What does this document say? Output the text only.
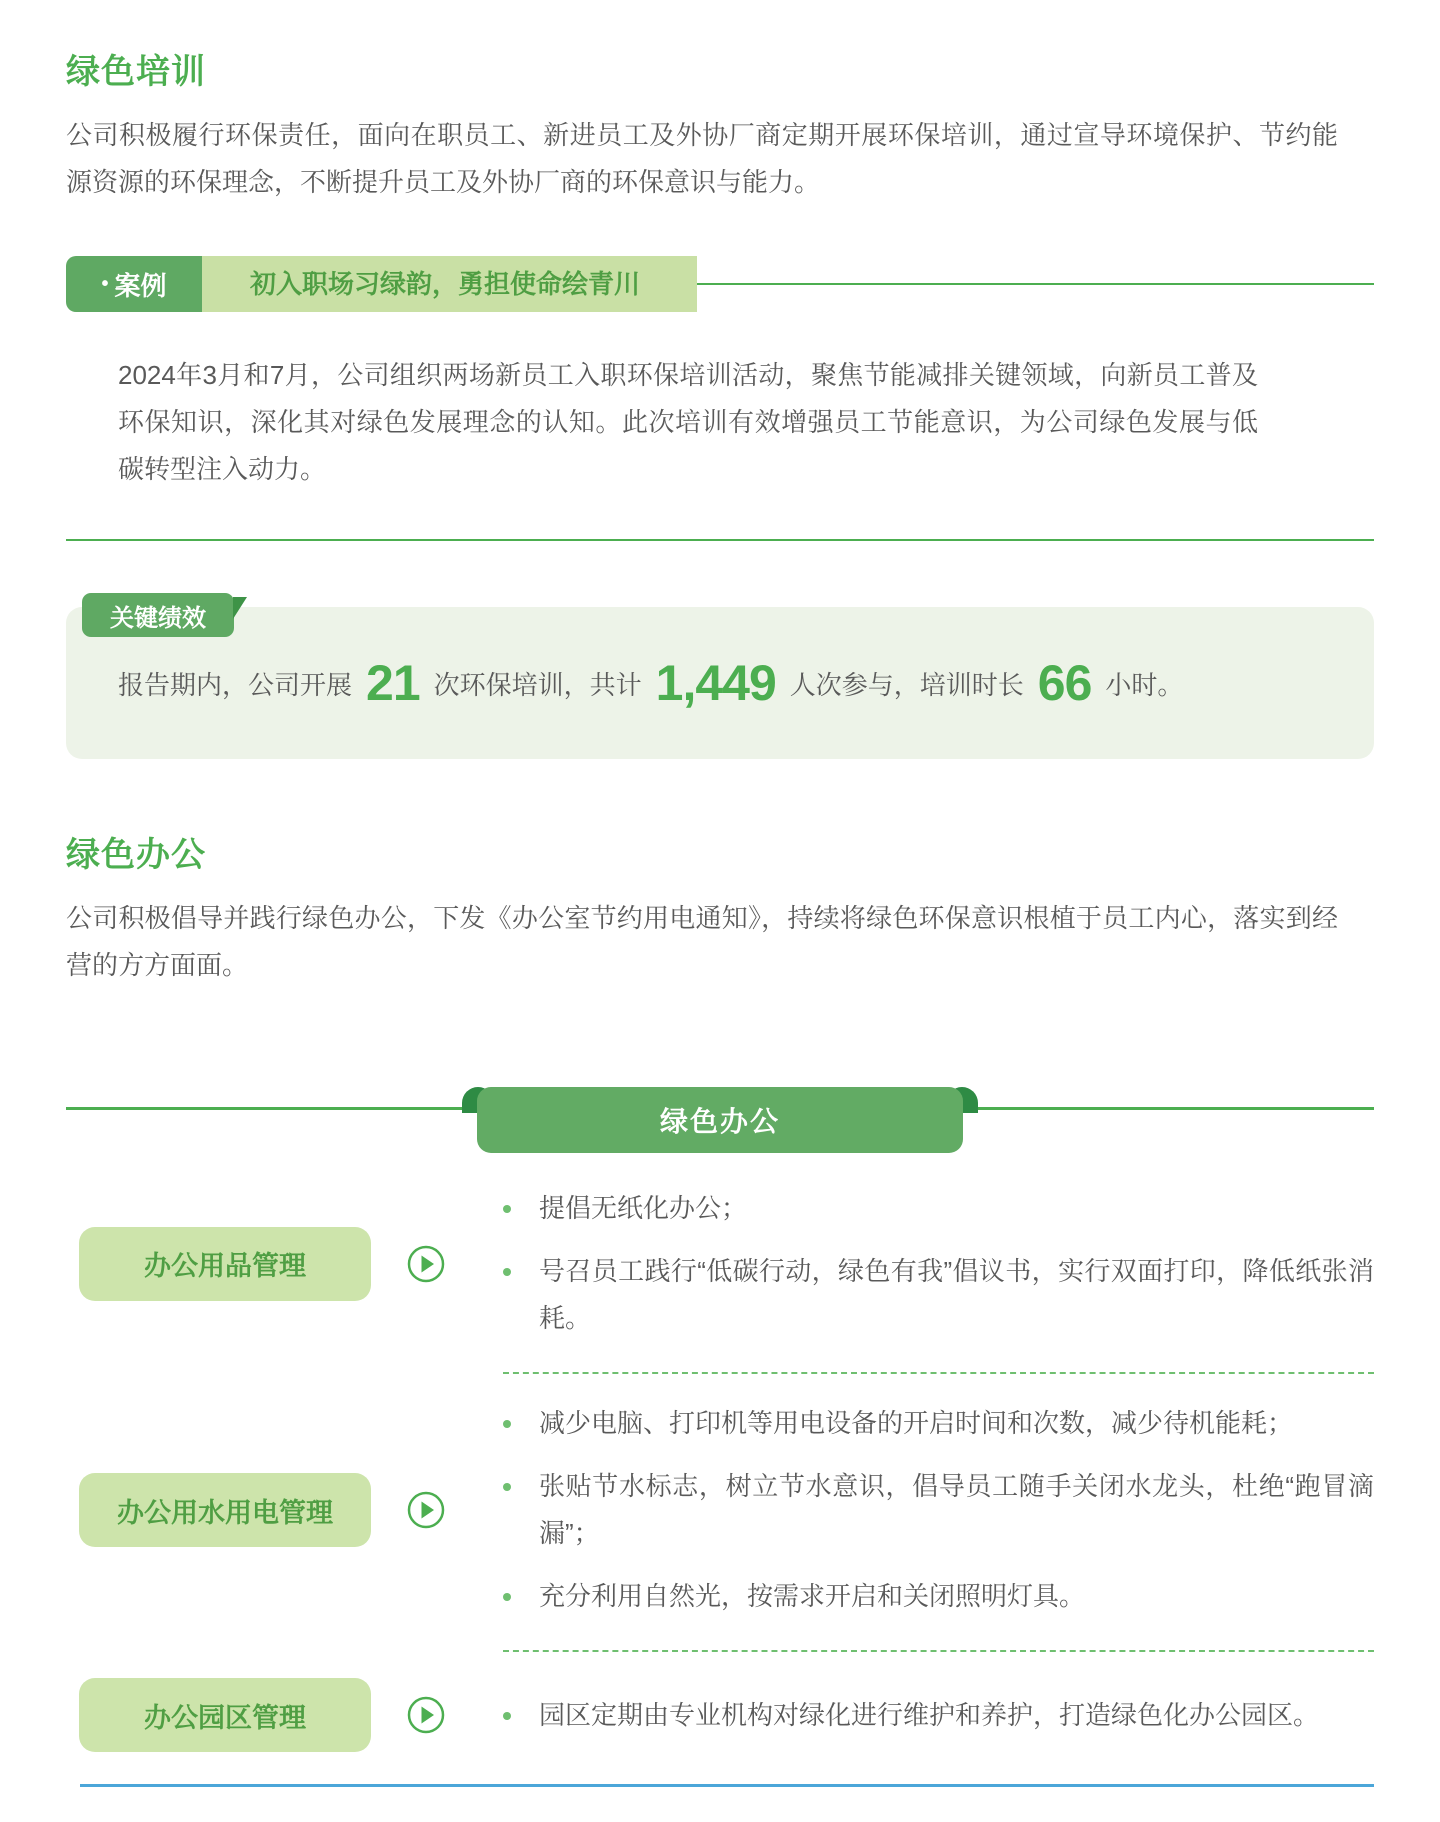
绿色培训
公司积极履行环保责任，面向在职员工、新进员工及外协厂商定期开展环保培训，通过宣导环境保护、节约能源资源的环保理念，不断提升员工及外协厂商的环保意识与能力。
• 案例	初入职场习绿韵，勇担使命绘青川
2024年3月和7月，公司组织两场新员工入职环保培训活动，聚焦节能减排关键领域，向新员工普及环保知识，深化其对绿色发展理念的认知。此次培训有效增强员工节能意识，为公司绿色发展与低碳转型注入动力。
关键绩效
报告期内，公司开展 21 次环保培训，共计 1,449 人次参与，培训时长 66 小时。
绿色办公
公司积极倡导并践行绿色办公，下发《办公室节约用电通知》，持续将绿色环保意识根植于员工内心，落实到经营的方方面面。
绿色办公
办公用品管理
提倡无纸化办公；
号召员工践行“低碳行动，绿色有我”倡议书，实行双面打印，降低纸张消耗。
办公用水用电管理
减少电脑、打印机等用电设备的开启时间和次数，减少待机能耗；
张贴节水标志，树立节水意识，倡导员工随手关闭水龙头，杜绝“跑冒滴漏”；
充分利用自然光，按需求开启和关闭照明灯具。
办公园区管理	园区定期由专业机构对绿化进行维护和养护，打造绿色化办公园区。
